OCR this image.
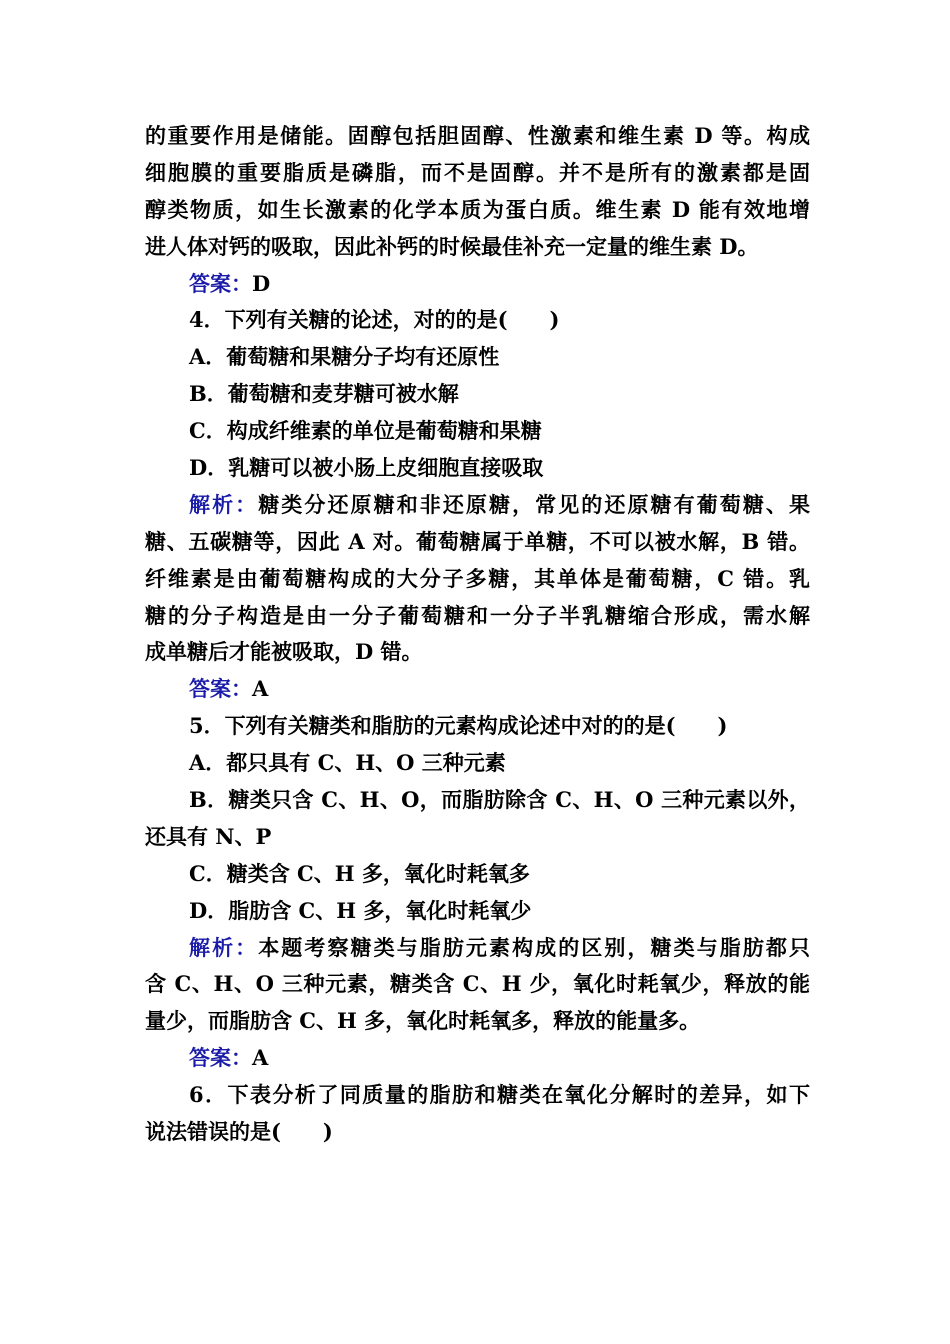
的重要作用是储能。固醇包括胆固醇、性激素和维生素 D 等。构成
细胞膜的重要脂质是磷脂，而不是固醇。并不是所有的激素都是固
醇类物质，如生长激素的化学本质为蛋白质。维生素 D 能有效地增
进人体对钙的吸取，因此补钙的时候最佳补充一定量的维生素 D。
答案：D
4．下列有关糖的论述，对的的是(　　)
A．葡萄糖和果糖分子均有还原性
B．葡萄糖和麦芽糖可被水解
C．构成纤维素的单位是葡萄糖和果糖
D．乳糖可以被小肠上皮细胞直接吸取
解析：糖类分还原糖和非还原糖，常见的还原糖有葡萄糖、果
糖、五碳糖等，因此 A 对。葡萄糖属于单糖，不可以被水解，B 错。
纤维素是由葡萄糖构成的大分子多糖，其单体是葡萄糖，C 错。乳
糖的分子构造是由一分子葡萄糖和一分子半乳糖缩合形成，需水解
成单糖后才能被吸取，D 错。
答案：A
5．下列有关糖类和脂肪的元素构成论述中对的的是(　　)
A．都只具有 C、H、O 三种元素
B．糖类只含 C、H、O，而脂肪除含 C、H、O 三种元素以外，
还具有 N、P
C．糖类含 C、H 多，氧化时耗氧多
D．脂肪含 C、H 多，氧化时耗氧少
解析：本题考察糖类与脂肪元素构成的区别，糖类与脂肪都只
含 C、H、O 三种元素，糖类含 C、H 少，氧化时耗氧少，释放的能
量少，而脂肪含 C、H 多，氧化时耗氧多，释放的能量多。
答案：A
6．下表分析了同质量的脂肪和糖类在氧化分解时的差异，如下
说法错误的是(　　)
